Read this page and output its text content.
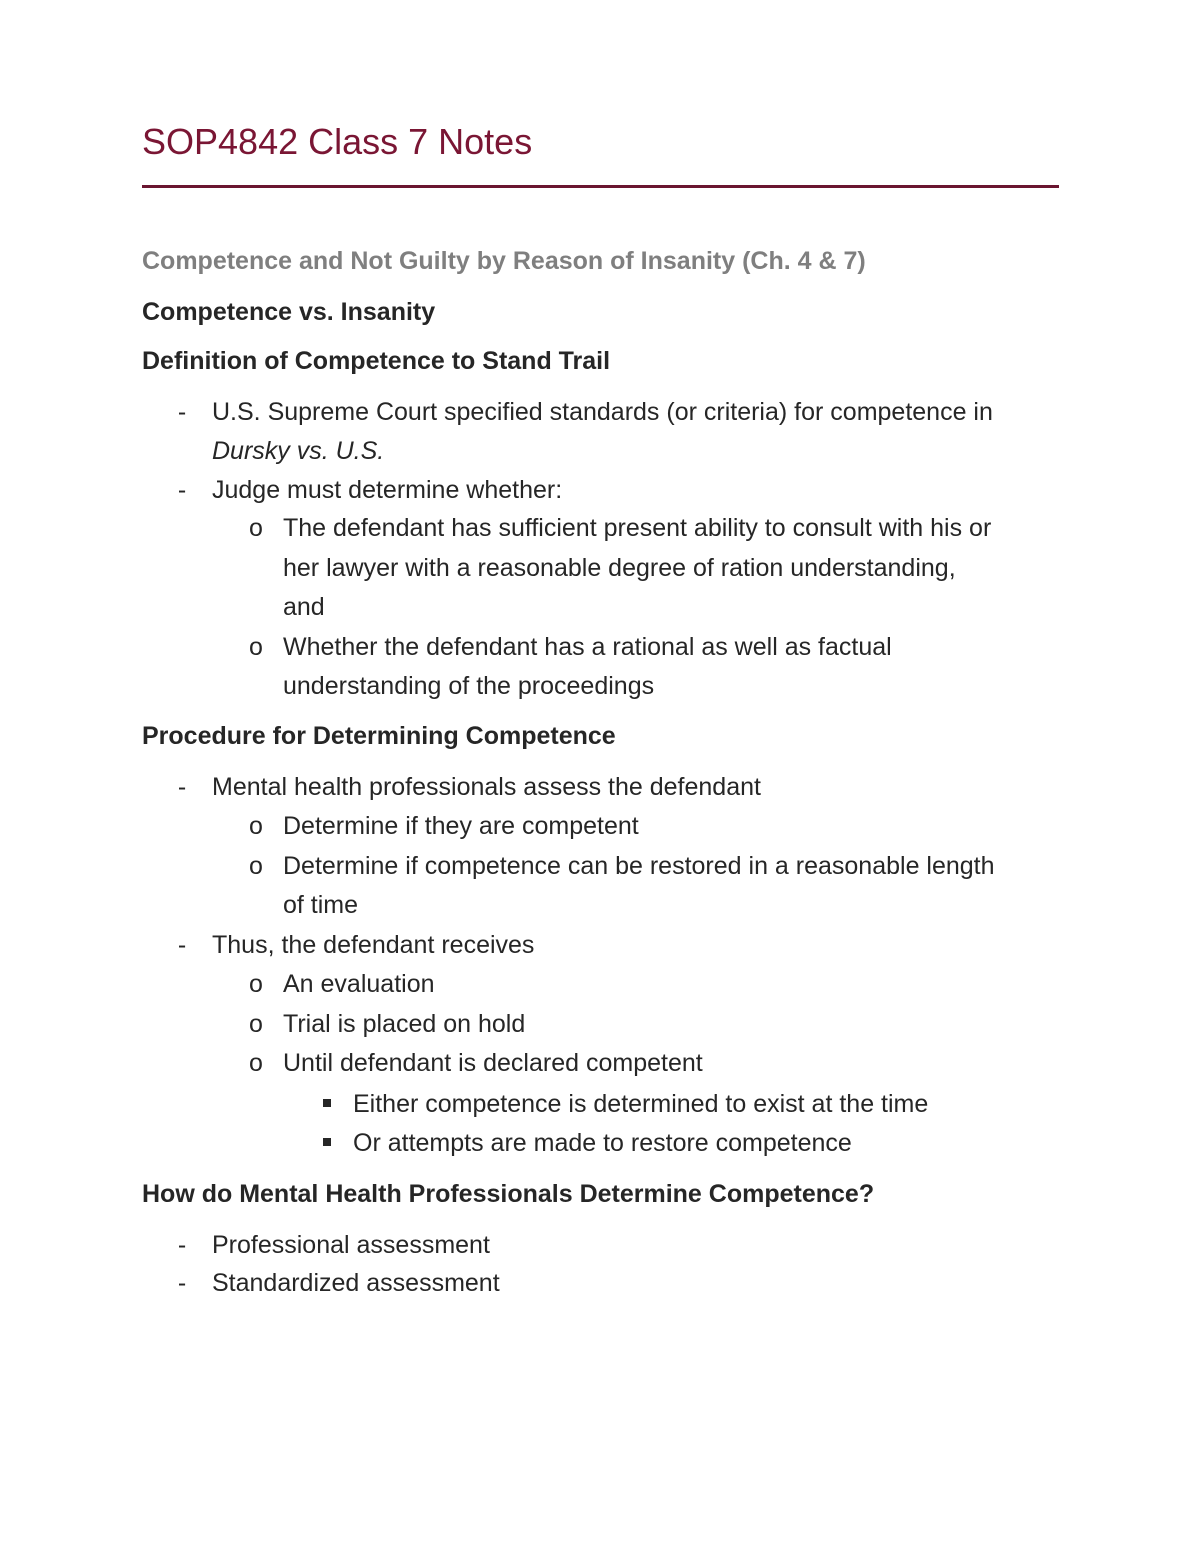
SOP4842 Class 7 Notes
Competence and Not Guilty by Reason of Insanity (Ch. 4 & 7)
Competence vs. Insanity
Definition of Competence to Stand Trail
-	U.S. Supreme Court specified standards (or criteria) for competence in
Dursky vs. U.S.
-	Judge must determine whether:
o The defendant has sufficient present ability to consult with his or
her lawyer with a reasonable degree of ration understanding,
and
o Whether the defendant has a rational as well as factual
understanding of the proceedings
Procedure for Determining Competence
-	Mental health professionals assess the defendant
o Determine if they are competent
o Determine if competence can be restored in a reasonable length
of time
-	Thus, the defendant receives
o An evaluation
o Trial is placed on hold
o Until defendant is declared competent
Either competence is determined to exist at the time
Or attempts are made to restore competence
How do Mental Health Professionals Determine Competence?
-	Professional assessment
-	Standardized assessment
